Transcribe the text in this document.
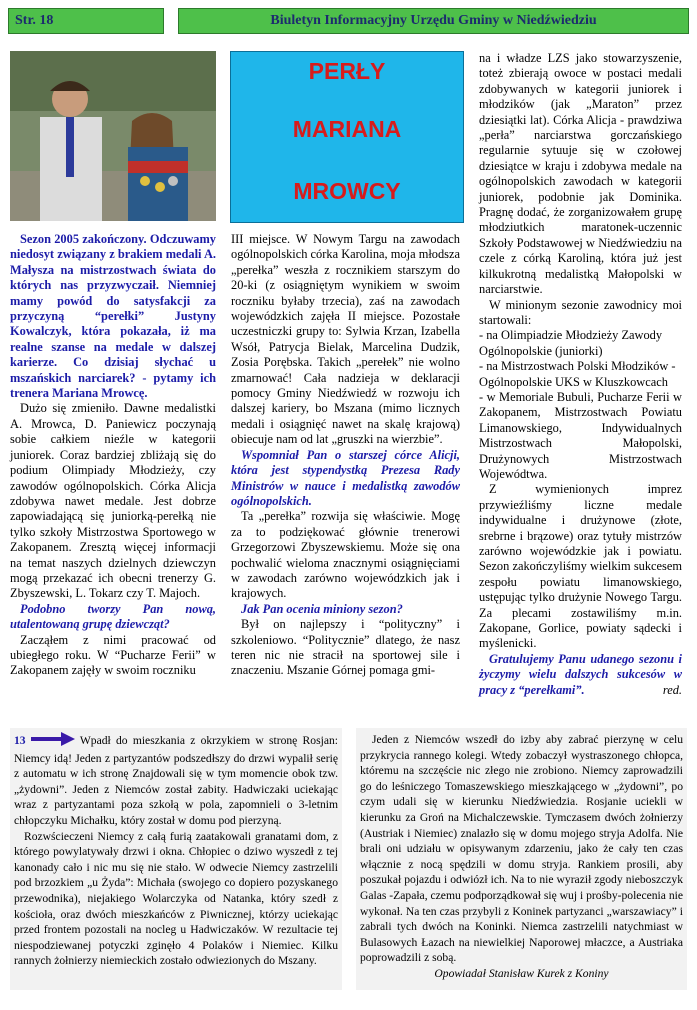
Str. 18	Biuletyn Informacyjny Urzędu Gminy w Niedźwiedziu
PERŁY
MARIANA
MROWCY

Sezon 2005 zakończony. Odczuwamy niedosyt związany z brakiem medali A. Małysza na mistrzostwach świata do których nas przyzwyczaił. Niemniej mamy powód do satysfakcji za przyczyną “perełki” Justyny Kowalczyk, która pokazała, iż ma realne szanse na medale w dalszej karierze. Co dzisiaj słychać u mszańskich narciarek? - pytamy ich trenera Mariana Mrowcę.

Dużo się zmieniło. Dawne medalistki A. Mrowca, D. Paniewicz poczynają sobie całkiem nieźle w kategorii juniorek. Coraz bardziej zbliżają się do podium Olimpiady Młodzieży, czy zawodów ogólnopolskich. Córka Alicja zdobywa nawet medale. Jest dobrze zapowiadającą się juniorką-perełką nie tylko szkoły Mistrzostwa Sportowego w Zakopanem. Zresztą więcej informacji na temat naszych dzielnych dziewczyn mogą przekazać ich obecni trenerzy G. Zbyszewski, L. Tokarz czy T. Majoch.

Podobno tworzy Pan nową, utalentowaną grupę dziewcząt?

Zacząłem z nimi pracować od ubiegłego roku. W “Pucharze Ferii” w Zakopanem zajęły w swoim roczniku

III miejsce. W Nowym Targu na zawodach ogólnopolskich córka Karolina, moja młodsza „perełka” weszła z rocznikiem starszym do 20-ki (z osiągniętym wynikiem w swoim roczniku byłaby trzecia), zaś na zawodach wojewódzkich zajęła II miejsce. Pozostałe uczestniczki grupy to: Sylwia Krzan, Izabella Wsół, Patrycja Bielak, Marcelina Dudzik, Zosia Porębska. Takich „perełek” nie wolno zmarnować! Cała nadzieja w deklaracji pomocy Gminy Niedźwiedź w rozwoju ich dalszej kariery, bo Mszana (mimo licznych medali i osiągnięć nawet na skalę krajową) obiecuje nam od lat „gruszki na wierzbie”.

Wspomniał Pan o starszej córce Alicji, która jest stypendystką Prezesa Rady Ministrów w nauce i medalistką zawodów ogólnopolskich.

Ta „perełka” rozwija się właściwie. Mogę za to podziękować głównie trenerowi Grzegorzowi Zbyszewskiemu. Może się ona pochwalić wieloma znacznymi osiągnięciami w zawodach zarówno wojewódzkich jak i krajowych.

Jak Pan ocenia miniony sezon?

Był on najlepszy i “polityczny” i szkoleniowo. “Politycznie” dlatego, że nasz teren nic nie stracił na sportowej sile i znaczeniu. Mszanie Górnej pomaga gmi-

na i władze LZS jako stowarzyszenie, toteż zbierają owoce w postaci medali zdobywanych w kategorii juniorek i młodzików (jak „Maraton” przez dziesiątki lat). Córka Alicja - prawdziwa „perła” narciarstwa gorczańskiego regularnie sytuuje się w czołowej dziesiątce w kraju i zdobywa medale na ogólnopolskich zawodach w kategorii juniorek, podobnie jak Dominika. Pragnę dodać, że zorganizowałem grupę młodziutkich maratonek-uczennic Szkoły Podstawowej w Niedźwiedziu na czele z córką Karoliną, która już jest kilkukrotną medalistką Małopolski w narciarstwie.

W minionym sezonie zawodnicy moi startowali:

- na Olimpiadzie Młodzieży Zawody Ogólnopolskie (juniorki)

- na Mistrzostwach Polski Młodzików - Ogólnopolskie UKS w Kluszkowcach

- w Memoriale Bubuli, Pucharze Ferii w Zakopanem, Mistrzostwach Powiatu Limanowskiego, Indywidualnych Mistrzostwach Małopolski, Drużynowych Mistrzostwach Wojewódtwa.

Z wymienionych imprez przywieźliśmy liczne medale indywidualne i drużynowe (złote, srebrne i brązowe) oraz tytuły mistrzów zarówno wojewódzkie jak i powiatu. Sezon zakończyliśmy wielkim sukcesem zespołu powiatu limanowskiego, ustępując tylko drużynie Nowego Targu. Za plecami zostawiliśmy m.in. Zakopane, Gorlice, powiaty sądecki i myślenicki.

Gratulujemy Panu udanego sezonu i życzymy wielu dalszych sukcesów w pracy z “perełkami”.	red.

13	Wpadł do mieszkania z okrzykiem w stronę Rosjan: Niemcy idą! Jeden z partyzantów podszedłszy do drzwi wypalił serię z automatu w ich stronę Znajdowali się w tym momencie obok tzw. „żydowni”. Jeden z Niemców został zabity. Hadwiczaki uciekając wraz z partyzantami poza szkołą w pola, zapomnieli o 3-letnim chłopczyku Michałku, który został w domu pod pierzyną.

Rozwścieczeni Niemcy z całą furią zaatakowali granatami dom, z którego powylatywały drzwi i okna. Chłopiec o dziwo wyszedł z tej kanonady cało i nic mu się nie stało. W odwecie Niemcy zastrzelili pod brzozkiem „u Żyda”: Michała (swojego co dopiero pozyskanego przewodnika), niejakiego Wolarczyka od Natanka, który szedł z kościoła, oraz dwóch mieszkańców z Piwnicznej, którzy uciekając przed frontem pozostali na nocleg u Hadwiczaków. W rezultacie tej niespodziewanej potyczki zginęło 4 Polaków i Niemiec. Kilku rannych żołnierzy niemieckich zostało odwiezionych do Mszany.

Jeden z Niemców wszedł do izby aby zabrać pierzynę w celu przykrycia rannego kolegi. Wtedy zobaczył wystraszonego chłopca, któremu na szczęście nic złego nie zrobiono. Niemcy zaprowadzili go do leśniczego Tomaszewskiego mieszkającego w „żydowni”, po czym udali się w kierunku Niedźwiedzia. Rosjanie uciekli w kierunku za Groń na Michalczewskie. Tymczasem dwóch żołnierzy (Austriak i Niemiec) znalazło się w domu mojego stryja Adolfa. Nie brali oni udziału w opisywanym zdarzeniu, jako że cały ten czas włącznie z nocą spędzili w domu stryja. Rankiem prosili, aby poszukał pojazdu i odwiózł ich. Na to nie wyraził zgody nieboszczyk Galas -Zapała, czemu podporządkował się wuj i prośby-polecenia nie wykonał. Na ten czas przybyli z Koninek partyzanci „warszawiacy” i zabrali tych dwóch na Koninki. Niemca zastrzelili natychmiast w Bulasowych Łazach na niewielkiej Naporowej młaczce, a Austriaka poprowadzili z sobą.

Opowiadał Stanisław Kurek z Koniny
